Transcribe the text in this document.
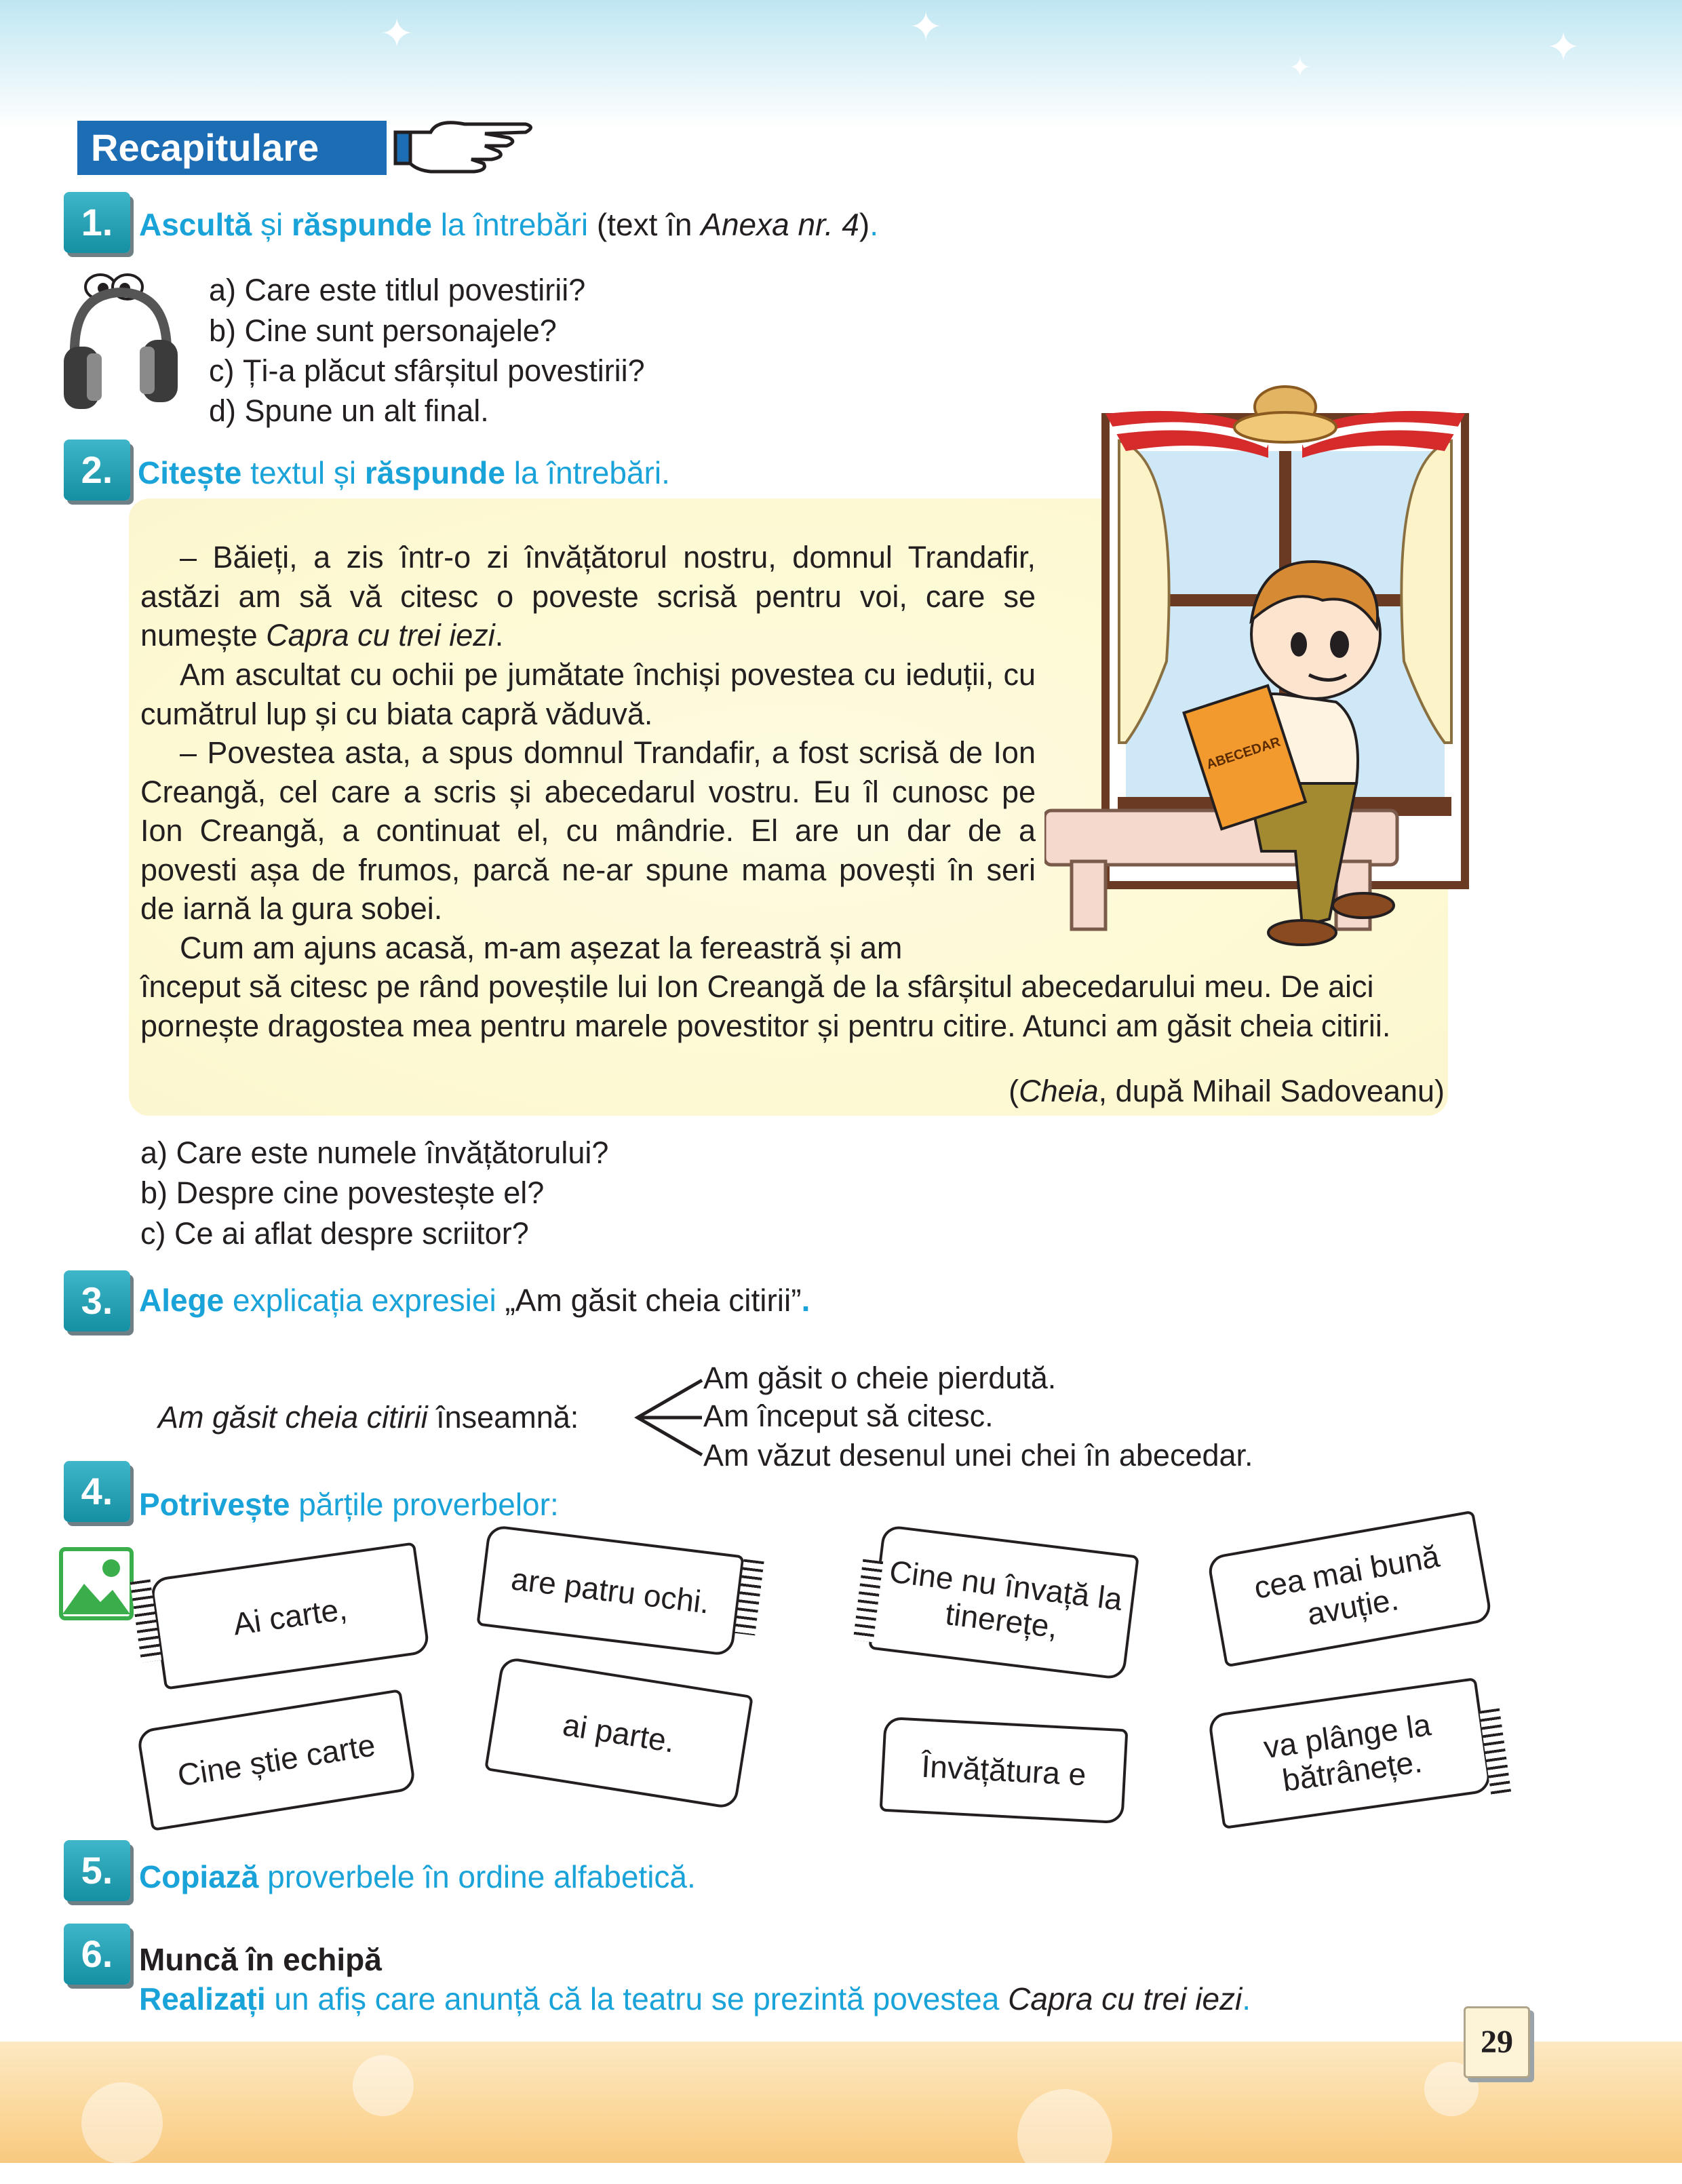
✦	✦
✦	✦
Recapitulare
1. Ascultă și răspunde la întrebări (text în Anexa nr. 4).
a) Care este titlul povestirii?
b) Cine sunt personajele?
c) Ți-a plăcut sfârșitul povestirii?
d) Spune un alt final.
2. Citește textul și răspunde la întrebări.
ABECEDAR
– Băieți, a zis într-o zi învățătorul nostru, domnul Trandafir, astăzi am să vă citesc o poveste scrisă pentru voi, care se numește Capra cu trei iezi.
Am ascultat cu ochii pe jumătate închiși povestea cu ieduții, cu cumătrul lup și cu biata capră văduvă.
– Povestea asta, a spus domnul Trandafir, a fost scrisă de Ion Creangă, cel care a scris și abecedarul vostru. Eu îl cunosc pe Ion Creangă, a continuat el, cu mândrie. El are un dar de a povesti așa de frumos, parcă ne-ar spune mama povești în seri de iarnă la gura sobei.
Cum am ajuns acasă, m-am așezat la fereastră și am
început să citesc pe rând poveștile lui Ion Creangă de la sfârșitul abecedarului meu. De aici pornește dragostea mea pentru marele povestitor și pentru citire. Atunci am găsit cheia citirii.
(Cheia, după Mihail Sadoveanu)
a) Care este numele învățătorului?
b) Despre cine povestește el?
c) Ce ai aflat despre scriitor?
3. Alege explicația expresiei „Am găsit cheia citirii”.
Am găsit cheia citirii înseamnă:
Am găsit o cheie pierdută.
Am început să citesc.
Am văzut desenul unei chei în abecedar.
4. Potrivește părțile proverbelor:
Ai carte,	are patru ochi.
Cine știe carte	ai parte.
Cine nu învață la tinerețe,
cea mai bună avuție.
Învățătura e
va plânge la bătrânețe.
5. Copiază proverbele în ordine alfabetică.
6. Muncă în echipă
Realizați un afiș care anunță că la teatru se prezintă povestea Capra cu trei iezi.
29
